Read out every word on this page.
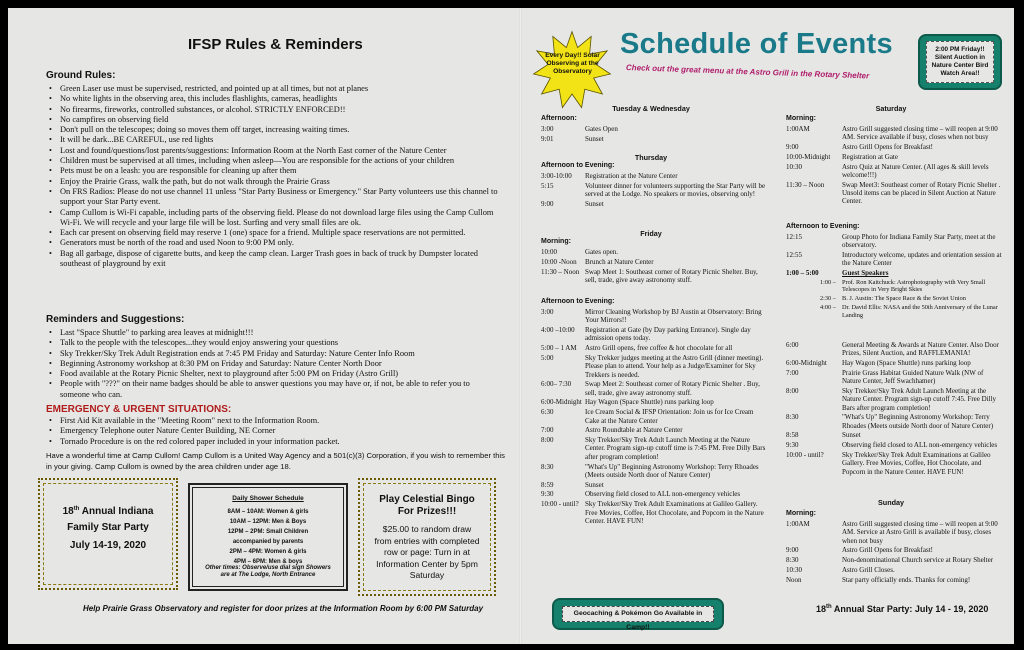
IFSP Rules & Reminders
Ground Rules:
• Green Laser use must be supervised, restricted, and pointed up at all times, but not at planes
• No white lights in the observing area, this includes flashlights, cameras, headlights
• No firearms, fireworks, controlled substances, or alcohol. STRICTLY ENFORCED!!
• No campfires on observing field
• Don't pull on the telescopes; doing so moves them off target, increasing waiting times.
• It will be dark...BE CAREFUL, use red lights
• Lost and found/questions/lost parents/suggestions: Information Room at the North East corner of the Nature Center
• Children must be supervised at all times, including when asleep—You are responsible for the actions of your children
• Pets must be on a leash: you are responsible for cleaning up after them
• Enjoy the Prairie Grass, walk the path, but do not walk through the Prairie Grass
• On FRS Radios: Please do not use channel 11 unless "Star Party Business or Emergency." Star Party volunteers use this channel to support your Star Party event.
• Camp Cullom is Wi-Fi capable, including parts of the observing field. Please do not download large files using the Camp Cullom Wi-Fi. We will recycle and your large file will be lost. Surfing and very small files are ok.
• Each car present on observing field may reserve 1 (one) space for a friend. Multiple space reservations are not permitted.
• Generators must be north of the road and used Noon to 9:00 PM only.
• Bag all garbage, dispose of cigarette butts, and keep the camp clean. Larger Trash goes in back of truck by Dumpster located southeast of playground by exit
Reminders and Suggestions:
• Last "Space Shuttle" to parking area leaves at midnight!!!
• Talk to the people with the telescopes...they would enjoy answering your questions
• Sky Trekker/Sky Trek Adult Registration ends at 7:45 PM Friday and Saturday: Nature Center Info Room
• Beginning Astronomy workshop at 8:30 PM on Friday and Saturday: Nature Center North Door
• Food available at the Rotary Picnic Shelter, next to playground after 5:00 PM on Friday (Astro Grill)
• People with "???" on their name badges should be able to answer questions you may have or, if not, be able to refer you to someone who can.
EMERGENCY & URGENT SITUATIONS:
• First Aid Kit available in the "Meeting Room" next to the Information Room.
• Emergency Telephone outer Nature Center Building, NE Corner
• Tornado Procedure is on the red colored paper included in your information packet.
Have a wonderful time at Camp Cullom! Camp Cullom is a United Way Agency and a 501(c)(3) Corporation, if you wish to remember this in your giving. Camp Cullom is owned by the area children under age 18.
18th Annual Indiana
Family Star Party
July 14-19, 2020
Daily Shower Schedule
8AM – 10AM: Women & girls
10AM – 12PM: Men & Boys
12PM – 2PM: Small Children
accompanied by parents
2PM – 4PM: Women & girls
4PM – 6PM: Men & boys
Other times: Observe/use dial sign Showers are at The Lodge, North Entrance
Play Celestial Bingo For Prizes!!!
$25.00 to random draw from entries with completed row or page: Turn in at Information Center by 5pm Saturday
Help Prairie Grass Observatory and register for door prizes at the Information Room by 6:00 PM Saturday
Every Day!! Solar Observing at the Observatory
Schedule of Events
Check out the great menu at the Astro Grill in the Rotary Shelter
2:00 PM Friday!! Silent Auction in Nature Center Bird Watch Area!!
Tuesday & Wednesday
Thursday
Friday
Saturday
Sunday
Afternoon:
Afternoon to Evening:
Morning:
Afternoon to Evening:
Morning:
Afternoon to Evening:
Morning:
3:00	Gates Open
9:01	Sunset
3:00-10:00 Registration at the Nature Center
5:15	Volunteer dinner for volunteers supporting the Star Party will be served at the Lodge. No speakers or movies, observing only!
9:00	Sunset
10:00	Gates open.
10:00 -Noon Brunch at Nature Center
11:30 – Noon Swap Meet 1: Southeast corner of Rotary Picnic Shelter. Buy, sell, trade, give away astronomy stuff.
3:00	Mirror Cleaning Workshop by BJ Austin at Observatory: Bring Your Mirrors!!
4:00 –10:00 Registration at Gate (by Day parking Entrance). Single day admission opens today.
5:00 – 1 AM Astro Grill opens, free coffee & hot chocolate for all
5:00	Sky Trekker judges meeting at the Astro Grill (dinner meeting). Please plan to attend. Your help as a Judge/Examiner for Sky Trekkers is needed.
6:00– 7:30 Swap Meet 2: Southeast corner of Rotary Picnic Shelter . Buy, sell, trade, give away astronomy stuff.
6:00-Midnight Hay Wagon (Space Shuttle) runs parking loop
6:30	Ice Cream Social & IFSP Orientation: Join us for Ice Cream Cake at the Nature Center
7:00	Astro Roundtable at Nature Center
8:00	Sky Trekker/Sky Trek Adult Launch Meeting at the Nature Center. Program sign-up cutoff time is 7:45 PM. Free Dilly Bars after program completion!
8:30	"What's Up" Beginning Astronomy Workshop: Terry Rhoades (Meets outside North door of Nature Center)
8:59	Sunset
9:30	Observing field closed to ALL non-emergency vehicles
10:00 - until? Sky Trekker/Sky Trek Adult Examinations at Galileo Gallery. Free Movies, Coffee, Hot Chocolate, and Popcorn in the Nature Center. HAVE FUN!
1:00AM	Astro Grill suggested closing time – will reopen at 9:00 AM. Service available if busy, closes when not busy
9:00	Astro Grill Opens for Breakfast!
10:00-Midnight Registration at Gate
10:30	Astro Quiz at Nature Center. (All ages & skill levels welcome!!!)
11:30 – Noon	Swap Meet3: Southeast corner of Rotary Picnic Shelter . Unsold items can be placed in Silent Auction at Nature Center.
12:15	Group Photo for Indiana Family Star Party, meet at the observatory.
12:55	Introductory welcome, updates and orientation session at the Nature Center
1:00 – 5:00	Guest Speakers
1:00 – Prof. Ron Kaitchuck: Astrophotography with Very Small Telescopes in Very Bright Skies
2:30 – B. J. Austin: The Space Race & the Soviet Union
4:00 – Dr. David Ellis: NASA and the 50th Anniversary of the Lunar Landing
6:00	General Meeting & Awards at Nature Center. Also Door Prizes, Silent Auction, and RAFFLEMANIA!
6:00-Midnight Hay Wagon (Space Shuttle) runs parking loop
7:00	Prairie Grass Habitat Guided Nature Walk (NW of Nature Center, Jeff Swachhamer)
8:00	Sky Trekker/Sky Trek Adult Launch Meeting at the Nature Center. Program sign-up cutoff 7:45. Free Dilly Bars after program completion!
8:30	"What's Up" Beginning Astronomy Workshop: Terry Rhoades (Meets outside North door of Nature Center)
8:58	Sunset
9:30	Observing field closed to ALL non-emergency vehicles
10:00 - until?	Sky Trekker/Sky Trek Adult Examinations at Galileo Gallery. Free Movies, Coffee, Hot Chocolate, and Popcorn in the Nature Center. HAVE FUN!
1:00AM	Astro Grill suggested closing time – will reopen at 9:00 AM. Service at Astro Grill is available if busy, closes when not busy
9:00	Astro Grill Opens for Breakfast!
8:30	Non-denominational Church service at Rotary Shelter
10:30	Astro Grill Closes.
Noon	Star party officially ends. Thanks for coming!
Geocaching & Pokémon Go Available in Camp!!
18th Annual Star Party: July 14 - 19, 2020
